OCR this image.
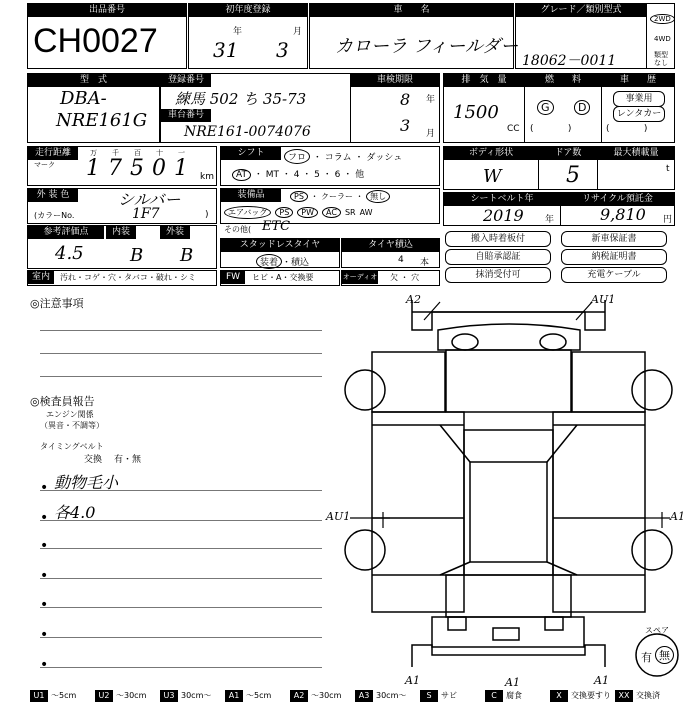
出品番号
CH0027
初年度登録
年	月
31 3
車　　名
カローラ フィールダー
グレード／類別型式
18062－0011
2WD
4WD
類型
なし
型　式
DBA-
NRE161G
登録番号
練馬 502 ち 35-73
車台番号
NRE161-0074076
車検期限
8 年
3 月
排　気　量
1500
CC
燃　　料
G	D
(            )
車　　歴
事業用
レンタカー
(            )
走行距離
マーク
万
1
千
7
百
5
十
0
一
1 km
シフト	フロ ・ コラム ・ ダッシュ
AT ・ MT ・ 4 ・ 5 ・ 6 ・ 他
ボディ形状
W
ドア数
5
最大積載量
t
外 装 色	シルバー
(カラーNo.	1F7	)
装備品	PS ・ クーラー ・ 無し
エアバッグ PS PW AC SR AW
その他( ETC
シートベルト年
2019 年
リサイクル預託金
9,810 円
参考評価点
4.5
内装
B
外装
B	スタッドレスタイヤ
装着 ・積込
タイヤ積込
4 本
搬入時着板付	新車保証書
自賠承認証	納税証明書
抹消受付可	充電ケーブル
室内	汚れ・コゲ・穴・タバコ・破れ・シミ	FW	ヒビ・A・交換要	オーディオ 欠 ・ 穴
◎注意事項
◎検査員報告
エンジン関係
（異音・不調等）
タイミングベルト
交換 有・無
• 動物毛小
• 各4.0
•
•
•
•
•
A2	AU1
AU1	A1
A1	A1	A1
スペア
有 無
U1 ～5cm	U2 ～30cm	U3 30cm～	A1 ～5cm	A2 ～30cm	A3 30cm～	S	サビ	C	腐食	X	交換要すり XX 交換済
